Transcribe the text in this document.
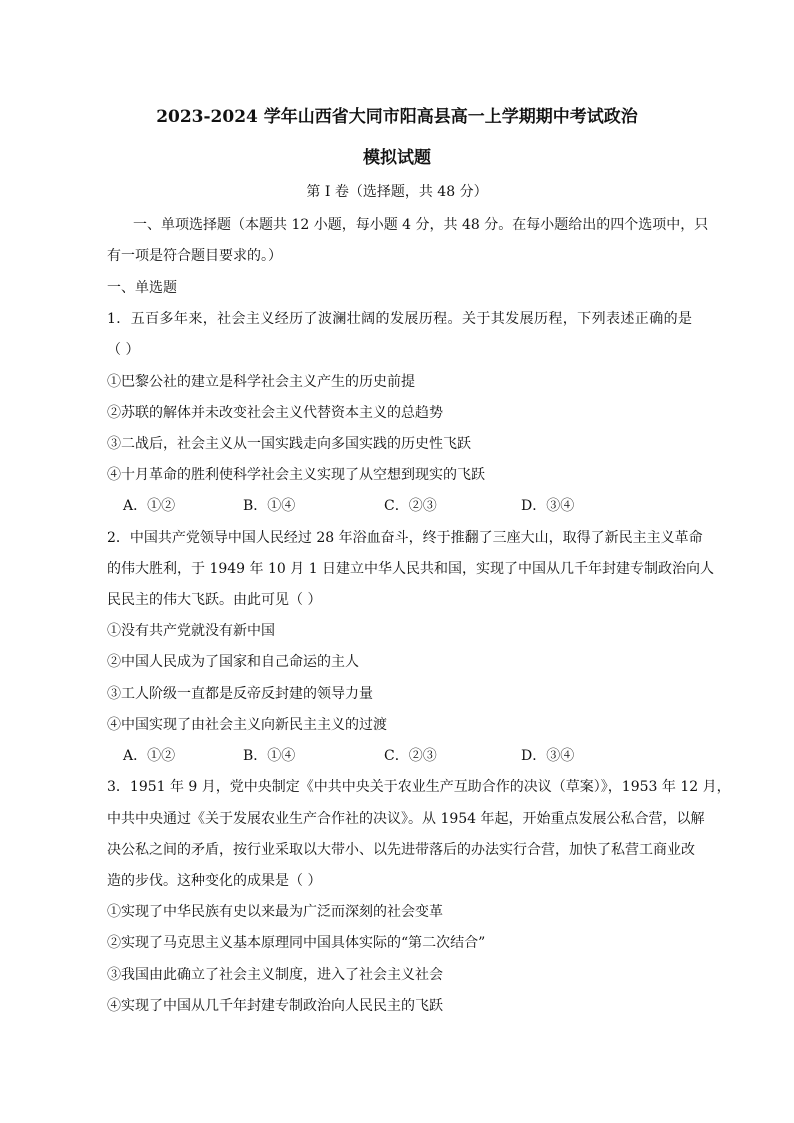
2023-2024 学年山西省大同市阳高县高一上学期期中考试政治
模拟试题
第 I 卷（选择题，共 48 分）
一、单项选择题（本题共 12 小题，每小题 4 分，共 48 分。在每小题给出的四个选项中，只
有一项是符合题目要求的。）
一、单选题
1．五百多年来，社会主义经历了波澜壮阔的发展历程。关于其发展历程，下列表述正确的是
（ ）
①巴黎公社的建立是科学社会主义产生的历史前提
②苏联的解体并未改变社会主义代替资本主义的总趋势
③二战后，社会主义从一国实践走向多国实践的历史性飞跃
④十月革命的胜利使科学社会主义实现了从空想到现实的飞跃
A．①②	B．①④	C．②③	D．③④
2．中国共产党领导中国人民经过 28 年浴血奋斗，终于推翻了三座大山，取得了新民主主义革命
的伟大胜利，于 1949 年 10 月 1 日建立中华人民共和国，实现了中国从几千年封建专制政治向人
民民主的伟大飞跃。由此可见（ ）
①没有共产党就没有新中国
②中国人民成为了国家和自己命运的主人
③工人阶级一直都是反帝反封建的领导力量
④中国实现了由社会主义向新民主主义的过渡
A．①②	B．①④	C．②③	D．③④
3．1951 年 9 月，党中央制定《中共中央关于农业生产互助合作的决议（草案）》，1953 年 12 月，
中共中央通过《关于发展农业生产合作社的决议》。从 1954 年起，开始重点发展公私合营，以解
决公私之间的矛盾，按行业采取以大带小、以先进带落后的办法实行合营，加快了私营工商业改
造的步伐。这种变化的成果是（ ）
①实现了中华民族有史以来最为广泛而深刻的社会变革
②实现了马克思主义基本原理同中国具体实际的“第二次结合”
③我国由此确立了社会主义制度，进入了社会主义社会
④实现了中国从几千年封建专制政治向人民民主的飞跃
